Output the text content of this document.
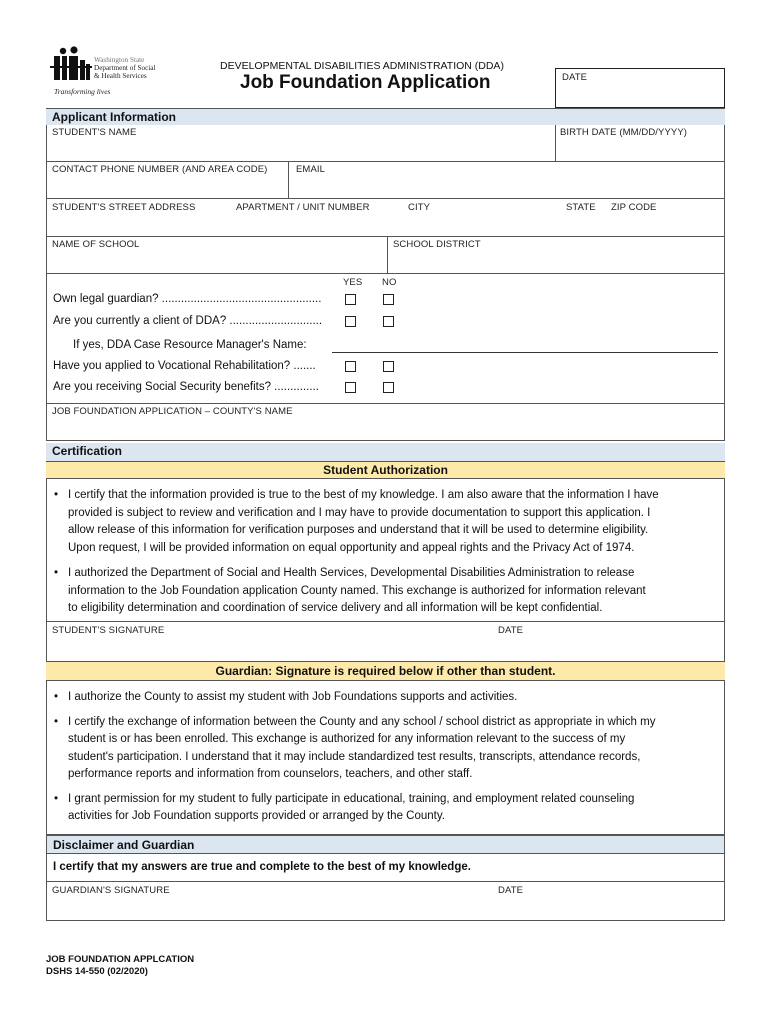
Washington State
Department of Social
& Health Services
Transforming lives
DEVELOPMENTAL DISABILITIES ADMINISTRATION (DDA)
Job Foundation Application	DATE
Applicant Information
STUDENT'S NAME	BIRTH DATE (MM/DD/YYYY)
CONTACT PHONE NUMBER (AND AREA CODE)	EMAIL
STUDENT'S STREET ADDRESS	APARTMENT / UNIT NUMBER	CITY	STATE ZIP CODE
NAME OF SCHOOL	SCHOOL DISTRICT
YES NO
Own legal guardian? ..................................................
Are you currently a client of DDA? .............................
If yes, DDA Case Resource Manager's Name:
Have you applied to Vocational Rehabilitation? .......
Are you receiving Social Security benefits? ..............
JOB FOUNDATION APPLICATION – COUNTY'S NAME
Certification
Student Authorization
• I certify that the information provided is true to the best of my knowledge. I am also aware that the information I have
provided is subject to review and verification and I may have to provide documentation to support this application. I
allow release of this information for verification purposes and understand that it will be used to determine eligibility.
Upon request, I will be provided information on equal opportunity and appeal rights and the Privacy Act of 1974.
• I authorized the Department of Social and Health Services, Developmental Disabilities Administration to release
information to the Job Foundation application County named. This exchange is authorized for information relevant
to eligibility determination and coordination of service delivery and all information will be kept confidential.
STUDENT'S SIGNATURE	DATE
Guardian: Signature is required below if other than student.
• I authorize the County to assist my student with Job Foundations supports and activities.
• I certify the exchange of information between the County and any school / school district as appropriate in which my
student is or has been enrolled. This exchange is authorized for any information relevant to the success of my
student's participation. I understand that it may include standardized test results, transcripts, attendance records,
performance reports and information from counselors, teachers, and other staff.
• I grant permission for my student to fully participate in educational, training, and employment related counseling
activities for Job Foundation supports provided or arranged by the County.
Disclaimer and Guardian
I certify that my answers are true and complete to the best of my knowledge.
GUARDIAN'S SIGNATURE	DATE
JOB FOUNDATION APPLCATION
DSHS 14-550 (02/2020)
